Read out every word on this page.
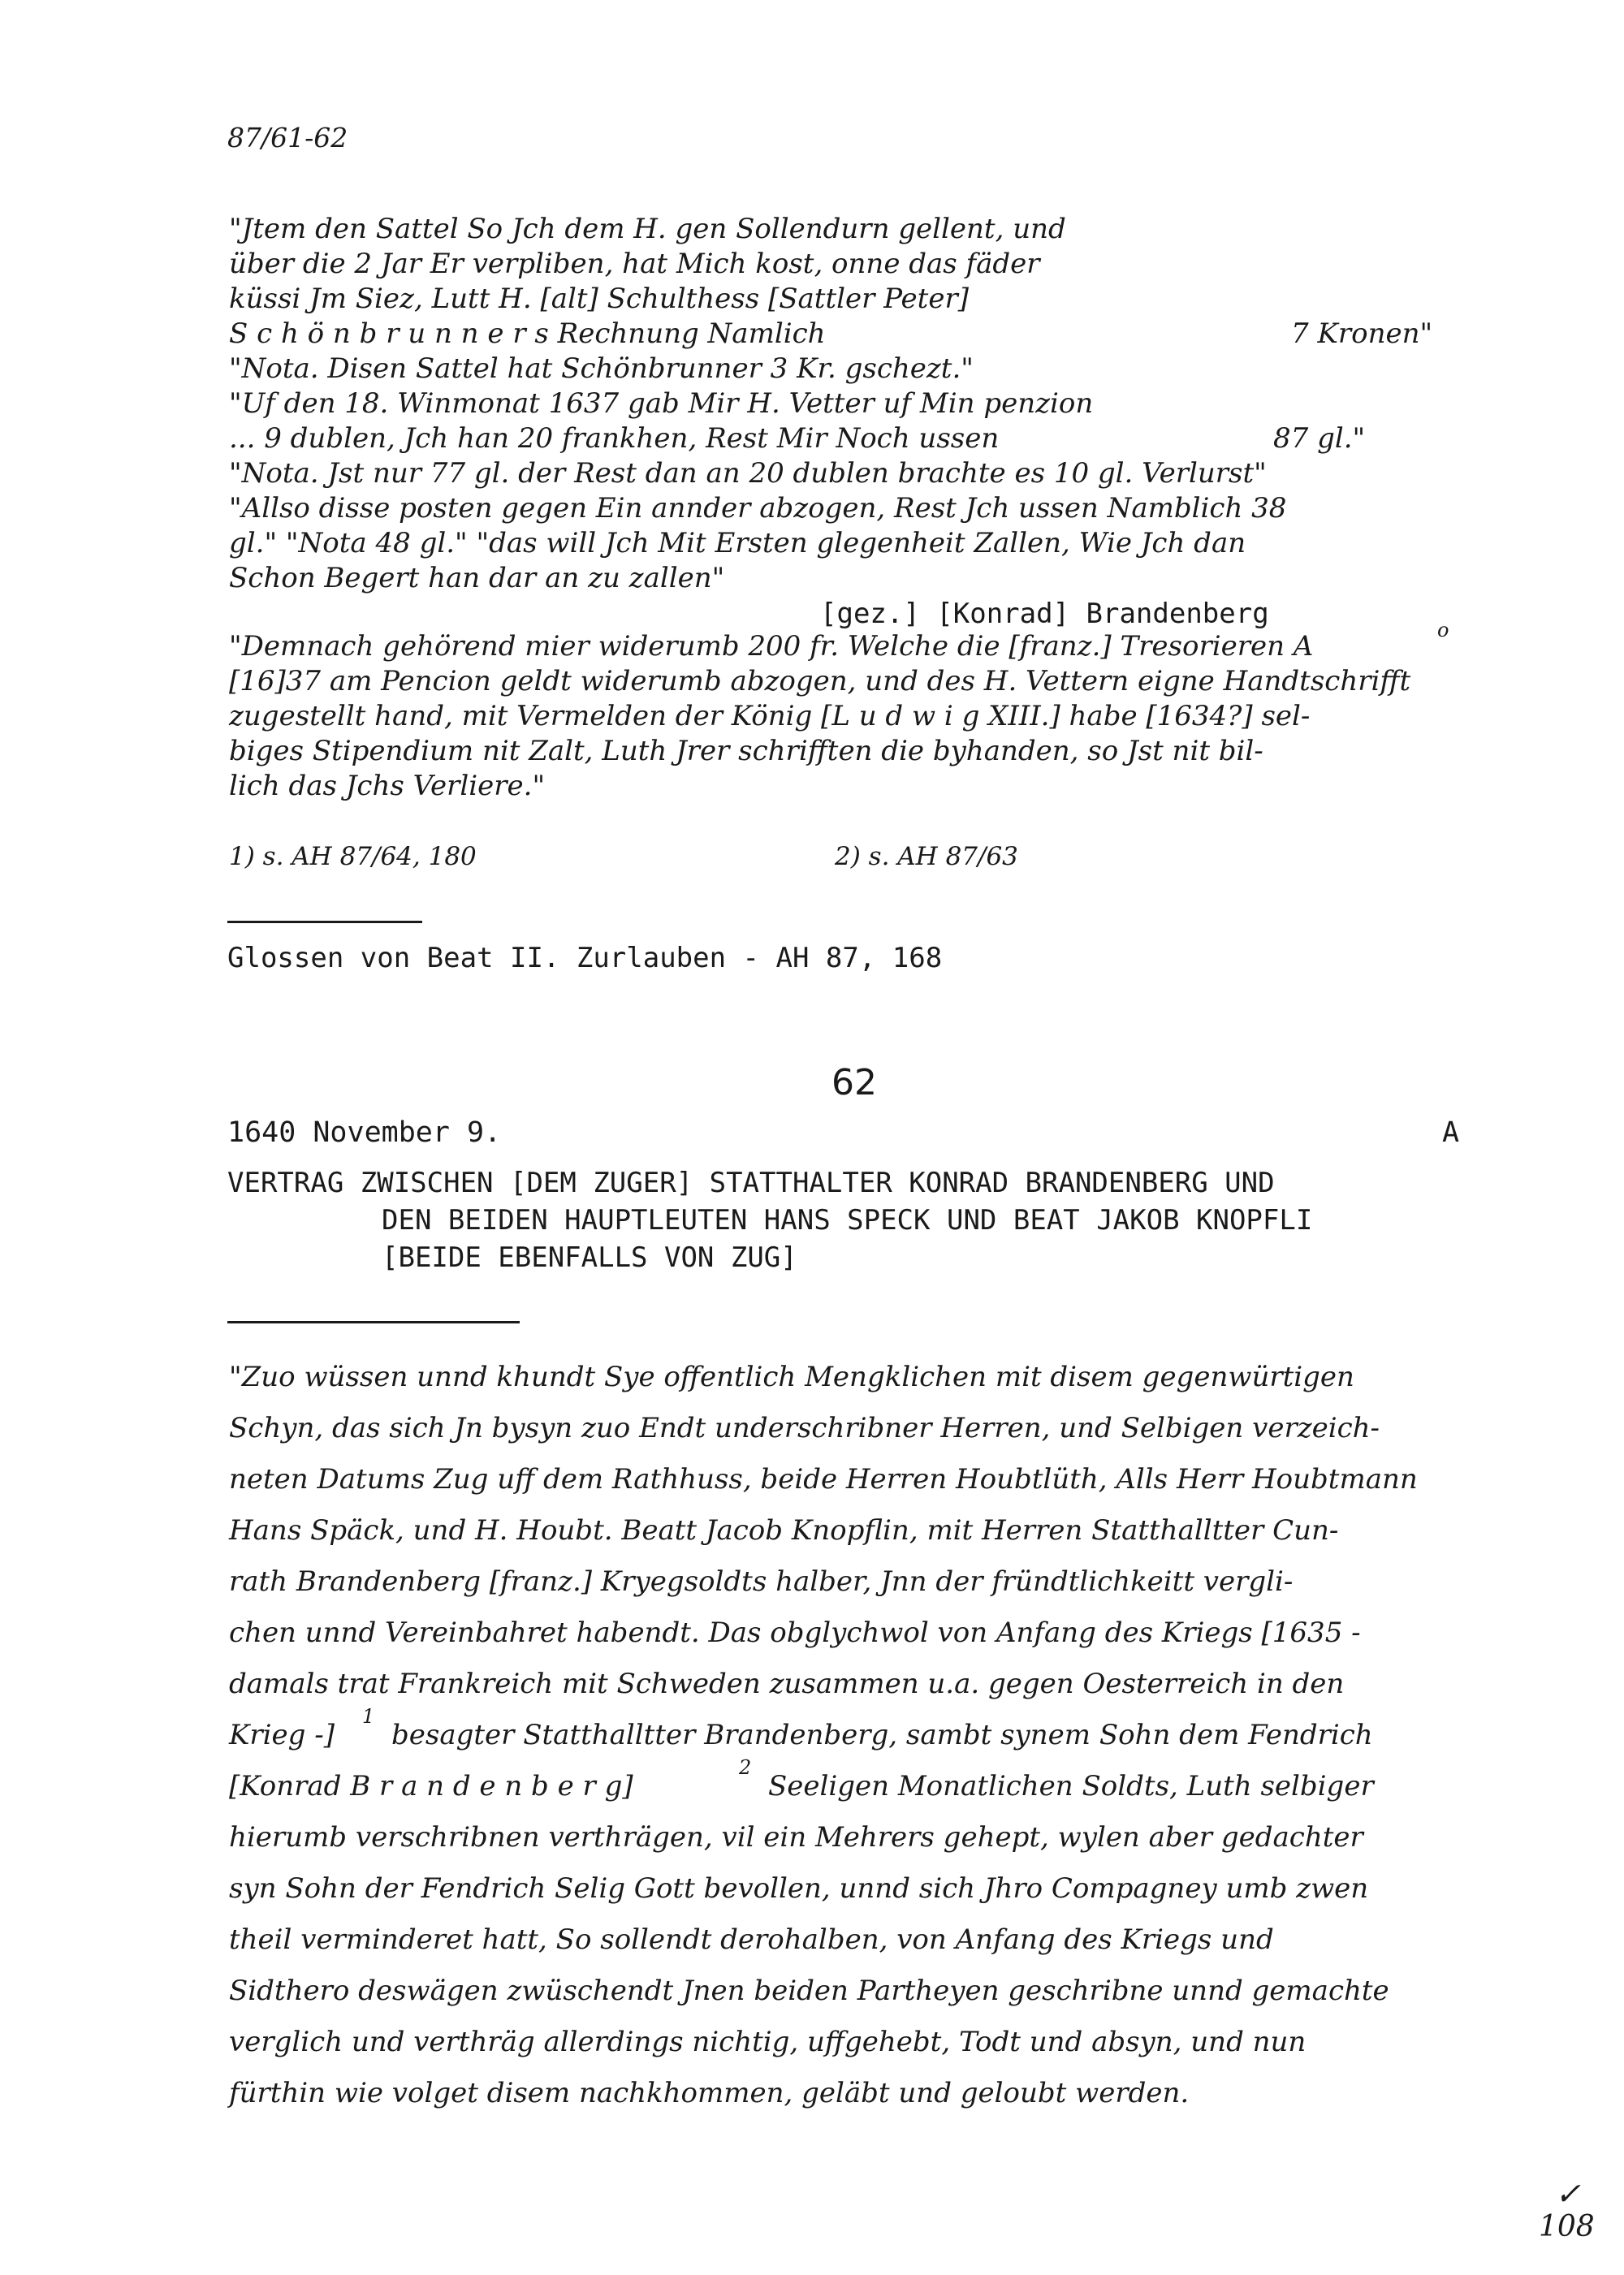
87/61-62
"Jtem den Sattel So Jch dem H. gen Sollendurn gellent, und
über die 2 Jar Er verpliben, hat Mich kost, onne das fäder
küssi Jm Siez, Lutt H. [alt] Schulthess [Sattler Peter]
S c h ö n b r u n n e r s Rechnung Namlich	7 Kronen"
"Nota. Disen Sattel hat Schönbrunner 3 Kr. gschezt."
"Uf den 18. Winmonat 1637 gab Mir H. Vetter uf Min penzion
... 9 dublen, Jch han 20 frankhen, Rest Mir Noch ussen	87 gl."
"Nota. Jst nur 77 gl. der Rest dan an 20 dublen brachte es 10 gl. Verlurst"
"Allso disse posten gegen Ein annder abzogen, Rest Jch ussen Namblich 38
gl." "Nota 48 gl." "das will Jch Mit Ersten glegenheit Zallen, Wie Jch dan
Schon Begert han dar an zu zallen"
[gez.] [Konrad] Brandenberg
"Demnach gehörend mier widerumb 200 fr. Welche die [franz.] Tresorieren A	o
[16]37 am Pencion geldt widerumb abzogen, und des H. Vettern eigne Handtschrifft
zugestellt hand, mit Vermelden der König [L u d w i g XIII.] habe [1634?] sel-
biges Stipendium nit Zalt, Luth Jrer schrifften die byhanden, so Jst nit bil-
lich das Jchs Verliere."
1) s. AH 87/64, 180	2) s. AH 87/63
Glossen von Beat II. Zurlauben - AH 87, 168
62
1640 November 9.	A
VERTRAG ZWISCHEN [DEM ZUGER] STATTHALTER KONRAD BRANDENBERG UND
DEN BEIDEN HAUPTLEUTEN HANS SPECK UND BEAT JAKOB KNOPFLI
[BEIDE EBENFALLS VON ZUG]
"Zuo wüssen unnd khundt Sye offentlich Mengklichen mit disem gegenwürtigen
Schyn, das sich Jn bysyn zuo Endt underschribner Herren, und Selbigen verzeich-
neten Datums Zug uff dem Rathhuss, beide Herren Houbtlüth, Alls Herr Houbtmann
Hans Späck, und H. Houbt. Beatt Jacob Knopflin, mit Herren Statthalltter Cun-
rath Brandenberg [franz.] Kryegsoldts halber, Jnn der fründtlichkeitt vergli-
chen unnd Vereinbahret habendt. Das obglychwol von Anfang des Kriegs [1635 -
damals trat Frankreich mit Schweden zusammen u.a. gegen Oesterreich in den
Krieg -]
1
besagter Statthalltter Brandenberg, sambt synem Sohn dem Fendrich
[Konrad B r a n d e n b e r g]
2
Seeligen Monatlichen Soldts, Luth selbiger
hierumb verschribnen verthrägen, vil ein Mehrers gehept, wylen aber gedachter
syn Sohn der Fendrich Selig Gott bevollen, unnd sich Jhro Compagney umb zwen
theil verminderet hatt, So sollendt derohalben, von Anfang des Kriegs und
Sidthero deswägen zwüschendt Jnen beiden Partheyen geschribne unnd gemachte
verglich und verthräg allerdings nichtig, uffgehebt, Todt und absyn, und nun
fürthin wie volget disem nachkhommen, geläbt und geloubt werden.
✓
108
